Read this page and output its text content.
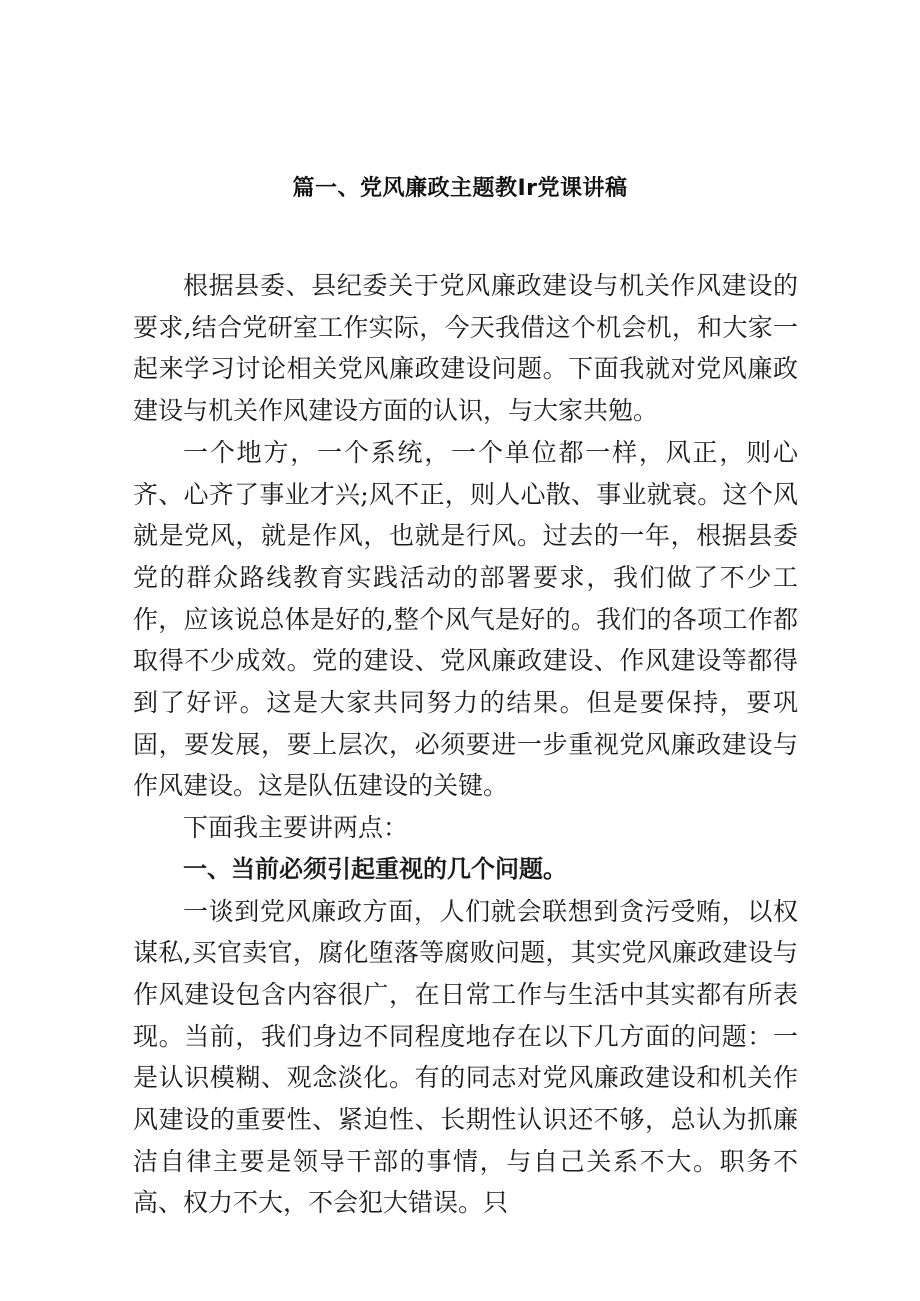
篇一、党风廉政主题教Ir党课讲稿

根据县委、县纪委关于党风廉政建设与机关作风建设的要求,结合党研室工作实际，今天我借这个机会机，和大家一起来学习讨论相关党风廉政建设问题。下面我就对党风廉政建设与机关作风建设方面的认识，与大家共勉。

一个地方，一个系统，一个单位都一样，风正，则心齐、心齐了事业才兴;风不正，则人心散、事业就衰。这个风就是党风，就是作风，也就是行风。过去的一年，根据县委党的群众路线教育实践活动的部署要求，我们做了不少工作，应该说总体是好的,整个风气是好的。我们的各项工作都取得不少成效。党的建设、党风廉政建设、作风建设等都得到了好评。这是大家共同努力的结果。但是要保持，要巩固，要发展，要上层次，必须要进一步重视党风廉政建设与作风建设。这是队伍建设的关键。

下面我主要讲两点：

一、当前必须引起重视的几个问题。

一谈到党风廉政方面，人们就会联想到贪污受贿，以权谋私,买官卖官，腐化堕落等腐败问题，其实党风廉政建设与作风建设包含内容很广，在日常工作与生活中其实都有所表现。当前，我们身边不同程度地存在以下几方面的问题：一是认识模糊、观念淡化。有的同志对党风廉政建设和机关作风建设的重要性、紧迫性、长期性认识还不够，总认为抓廉洁自律主要是领导干部的事情，与自己关系不大。职务不高、权力不大，不会犯大错误。只
